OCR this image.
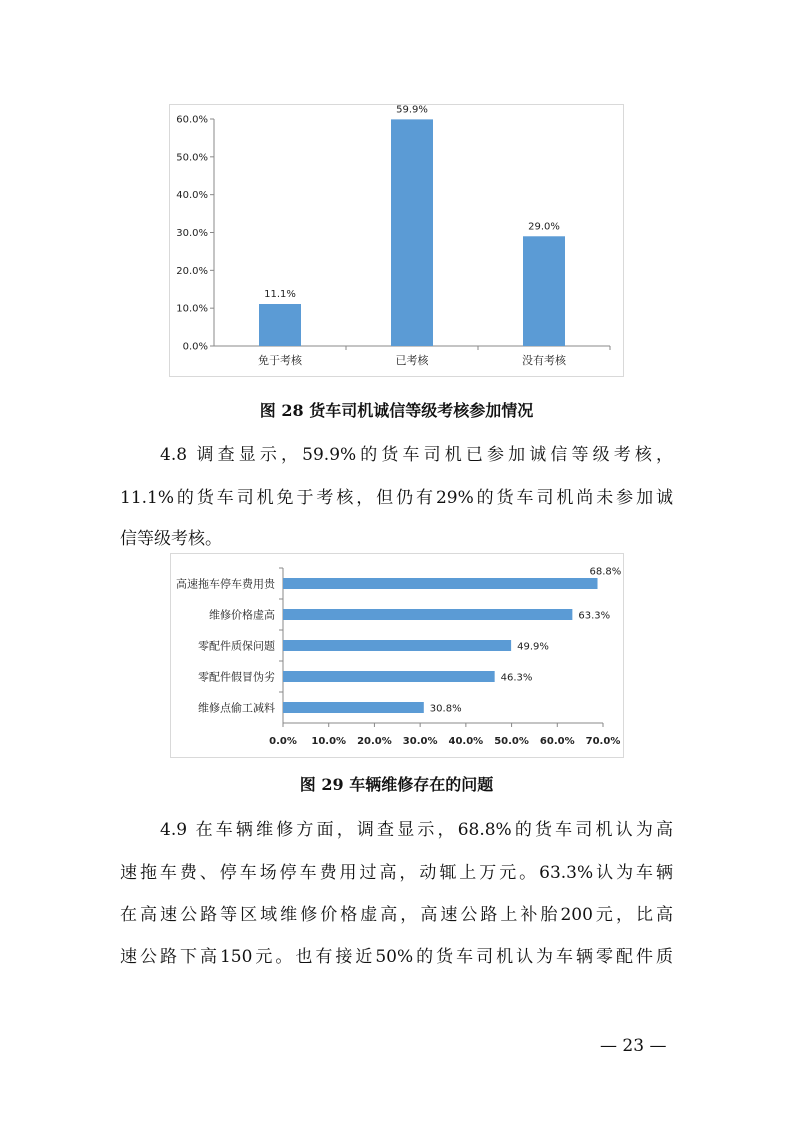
0.0%
10.0%
20.0%
30.0%
40.0%
50.0%
60.0%
11.1%
免于考核
59.9%
已考核
29.0%
没有考核
图 28 货车司机诚信等级考核参加情况
4.8 调查显示，59.9%的货车司机已参加诚信等级考核，
11.1%的货车司机免于考核，但仍有29%的货车司机尚未参加诚
信等级考核。
0.0% 10.0% 20.0% 30.0% 40.0% 50.0% 60.0% 70.0%
68.8%
高速拖车停车费用贵
63.3%
维修价格虚高
49.9%
零配件质保问题
46.3%
零配件假冒伪劣
30.8%
维修点偷工减料
图 29 车辆维修存在的问题
4.9 在车辆维修方面，调查显示，68.8%的货车司机认为高
速拖车费、停车场停车费用过高，动辄上万元。63.3%认为车辆
在高速公路等区域维修价格虚高，高速公路上补胎200元，比高
速公路下高150元。也有接近50%的货车司机认为车辆零配件质
— 23 —
